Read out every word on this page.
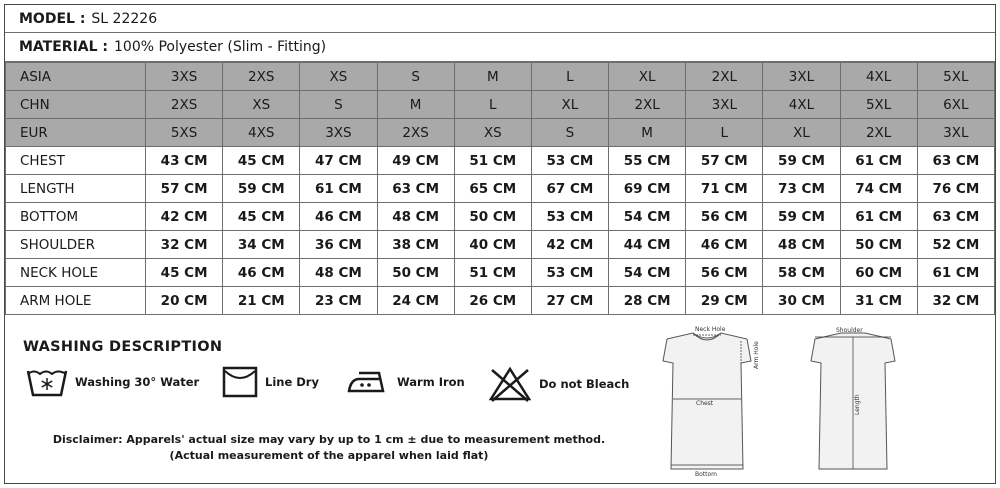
MODEL : SL 22226
MATERIAL : 100% Polyester (Slim - Fitting)
ASIA	3XS	2XS	XS	S	M	L	XL	2XL	3XL	4XL	5XL
CHN	2XS	XS	S	M	L	XL	2XL	3XL	4XL	5XL	6XL
EUR	5XS	4XS	3XS	2XS	XS	S	M	L	XL	2XL	3XL
CHEST	43 CM	45 CM	47 CM	49 CM	51 CM	53 CM	55 CM	57 CM	59 CM	61 CM	63 CM
LENGTH	57 CM	59 CM	61 CM	63 CM	65 CM	67 CM	69 CM	71 CM	73 CM	74 CM	76 CM
BOTTOM	42 CM	45 CM	46 CM	48 CM	50 CM	53 CM	54 CM	56 CM	59 CM	61 CM	63 CM
SHOULDER	32 CM	34 CM	36 CM	38 CM	40 CM	42 CM	44 CM	46 CM	48 CM	50 CM	52 CM
NECK HOLE	45 CM	46 CM	48 CM	50 CM	51 CM	53 CM	54 CM	56 CM	58 CM	60 CM	61 CM
ARM HOLE	20 CM	21 CM	23 CM	24 CM	26 CM	27 CM	28 CM	29 CM	30 CM	31 CM	32 CM
WASHING DESCRIPTION
Washing 30° Water	Line Dry	Warm Iron	Do not Bleach
Disclaimer: Apparels' actual size may vary by up to 1 cm ± due to measurement method.
(Actual measurement of the apparel when laid flat)
Neck Hole
Chest
Bottom
Shoulder
Arm Hole
Length
